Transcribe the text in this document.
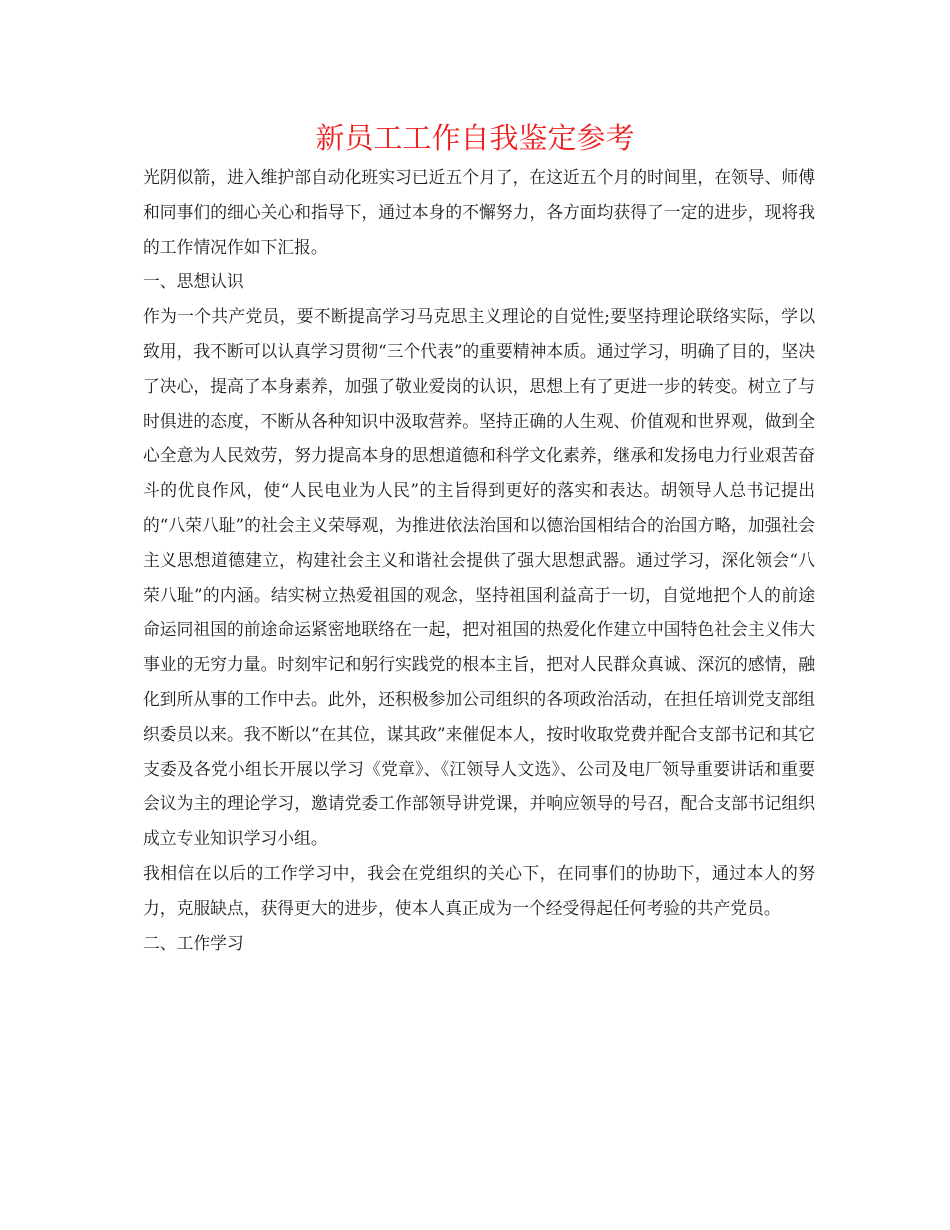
新员工工作自我鉴定参考

光阴似箭，进入维护部自动化班实习已近五个月了，在这近五个月的时间里，在领导、师傅和同事们的细心关心和指导下，通过本身的不懈努力，各方面均获得了一定的进步，现将我的工作情况作如下汇报。

一、思想认识

作为一个共产党员，要不断提高学习马克思主义理论的自觉性;要坚持理论联络实际，学以致用，我不断可以认真学习贯彻“三个代表”的重要精神本质。通过学习，明确了目的，坚决了决心，提高了本身素养，加强了敬业爱岗的认识，思想上有了更进一步的转变。树立了与时俱进的态度，不断从各种知识中汲取营养。坚持正确的人生观、价值观和世界观，做到全心全意为人民效劳，努力提高本身的思想道德和科学文化素养，继承和发扬电力行业艰苦奋斗的优良作风，使“人民电业为人民”的主旨得到更好的落实和表达。胡领导人总书记提出的“八荣八耻”的社会主义荣辱观，为推进依法治国和以德治国相结合的治国方略，加强社会主义思想道德建立，构建社会主义和谐社会提供了强大思想武器。通过学习，深化领会“八荣八耻”的内涵。结实树立热爱祖国的观念，坚持祖国利益高于一切，自觉地把个人的前途命运同祖国的前途命运紧密地联络在一起，把对祖国的热爱化作建立中国特色社会主义伟大事业的无穷力量。时刻牢记和躬行实践党的根本主旨，把对人民群众真诚、深沉的感情，融化到所从事的工作中去。此外，还积极参加公司组织的各项政治活动，在担任培训党支部组织委员以来。我不断以“在其位，谋其政”来催促本人，按时收取党费并配合支部书记和其它支委及各党小组长开展以学习《党章》、《江领导人文选》、公司及电厂领导重要讲话和重要会议为主的理论学习，邀请党委工作部领导讲党课，并响应领导的号召，配合支部书记组织成立专业知识学习小组。

我相信在以后的工作学习中，我会在党组织的关心下，在同事们的协助下，通过本人的努力，克服缺点，获得更大的进步，使本人真正成为一个经受得起任何考验的共产党员。

二、工作学习
